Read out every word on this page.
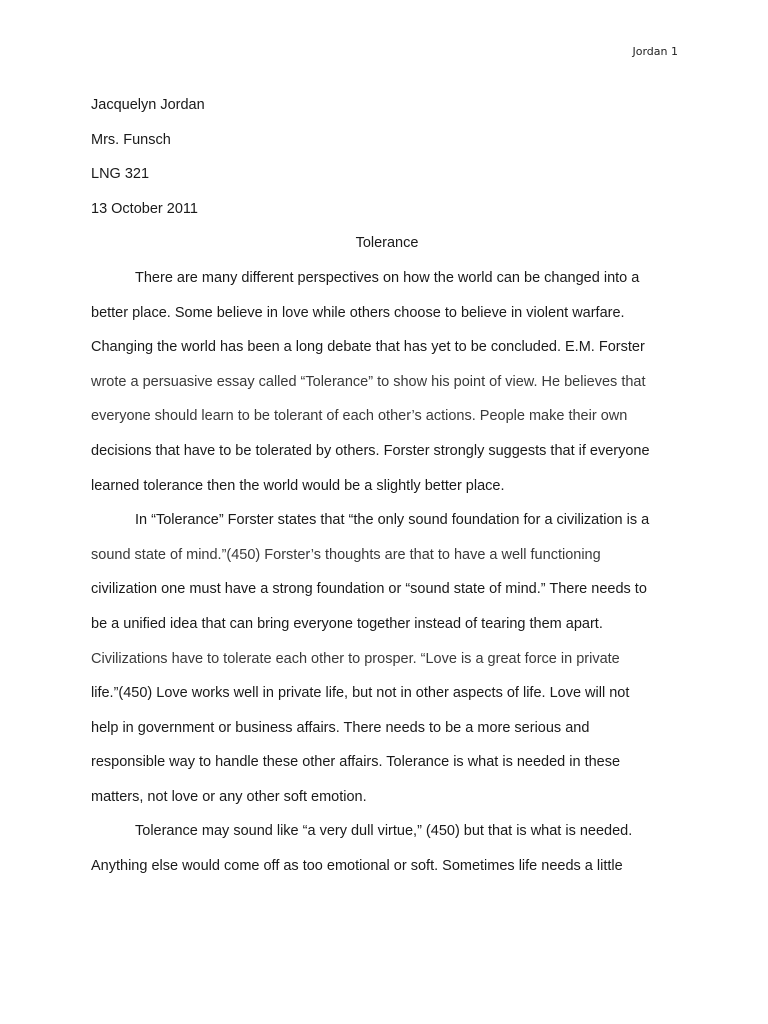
Jordan 1
Jacquelyn Jordan
Mrs. Funsch
LNG 321
13 October 2011
Tolerance
There are many different perspectives on how the world can be changed into a
better place. Some believe in love while others choose to believe in violent warfare.
Changing the world has been a long debate that has yet to be concluded. E.M. Forster
wrote a persuasive essay called “Tolerance” to show his point of view. He believes that
everyone should learn to be tolerant of each other’s actions. People make their own
decisions that have to be tolerated by others. Forster strongly suggests that if everyone
learned tolerance then the world would be a slightly better place.
In “Tolerance” Forster states that “the only sound foundation for a civilization is a
sound state of mind.”(450) Forster’s thoughts are that to have a well functioning
civilization one must have a strong foundation or “sound state of mind.” There needs to
be a unified idea that can bring everyone together instead of tearing them apart.
Civilizations have to tolerate each other to prosper. “Love is a great force in private
life.”(450) Love works well in private life, but not in other aspects of life. Love will not
help in government or business affairs. There needs to be a more serious and
responsible way to handle these other affairs. Tolerance is what is needed in these
matters, not love or any other soft emotion.
Tolerance may sound like “a very dull virtue,” (450) but that is what is needed.
Anything else would come off as too emotional or soft. Sometimes life needs a little
